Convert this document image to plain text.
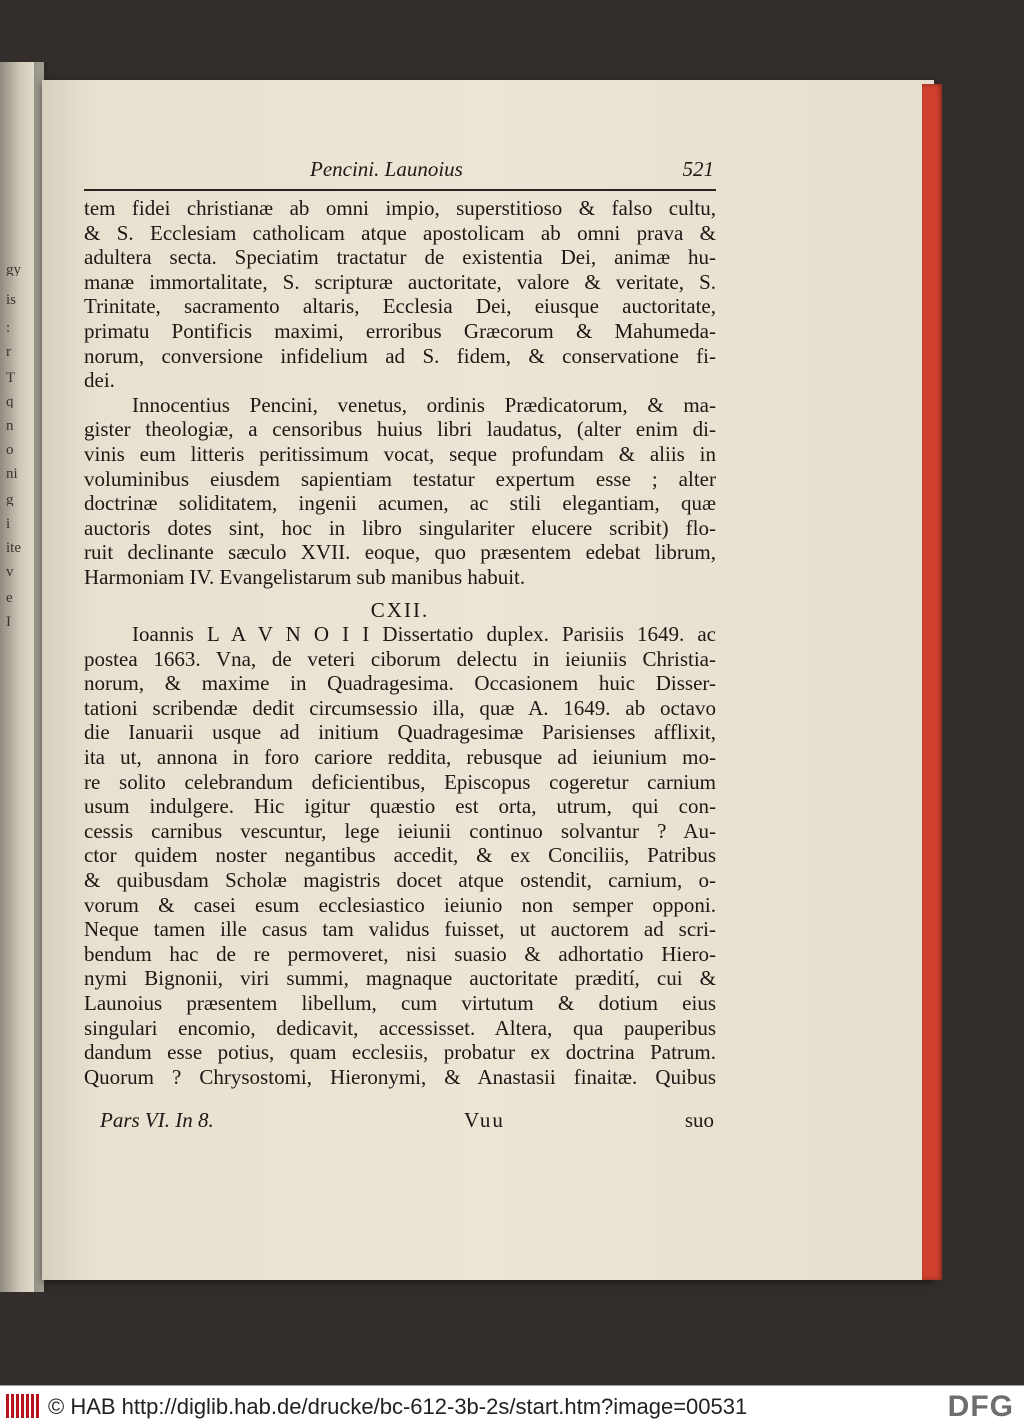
gy
is
:
r
T
q
n
o
ni
g
i
ite
v
e
I
Pencini. Launoius	521
tem fidei christianæ ab omni impio, superstitioso & falso cultu,
& S. Ecclesiam catholicam atque apostolicam ab omni prava &
adultera secta. Speciatim tractatur de existentia Dei, animæ hu-
manæ immortalitate, S. scripturæ auctoritate, valore & veritate, S.
Trinitate, sacramento altaris, Ecclesia Dei, eiusque auctoritate,
primatu Pontificis maximi, erroribus Græcorum & Mahumeda-
norum, conversione infidelium ad S. fidem, & conservatione fi-
dei.
Innocentius Pencini, venetus, ordinis Prædicatorum, & ma-
gister theologiæ, a censoribus huius libri laudatus, (alter enim di-
vinis eum litteris peritissimum vocat, seque profundam & aliis in
voluminibus eiusdem sapientiam testatur expertum esse ; alter
doctrinæ soliditatem, ingenii acumen, ac stili elegantiam, quæ
auctoris dotes sint, hoc in libro singulariter elucere scribit) flo-
ruit declinante sæculo XVII. eoque, quo præsentem edebat librum,
Harmoniam IV. Evangelistarum sub manibus habuit.
CXII.
Ioannis L A V N O I I Dissertatio duplex. Parisiis 1649. ac
postea 1663. Vna, de veteri ciborum delectu in ieiuniis Christia-
norum, & maxime in Quadragesima. Occasionem huic Disser-
tationi scribendæ dedit circumsessio illa, quæ A. 1649. ab octavo
die Ianuarii usque ad initium Quadragesimæ Parisienses afflixit,
ita ut, annona in foro cariore reddita, rebusque ad ieiunium mo-
re solito celebrandum deficientibus, Episcopus cogeretur carnium
usum indulgere. Hic igitur quæstio est orta, utrum, qui con-
cessis carnibus vescuntur, lege ieiunii continuo solvantur ? Au-
ctor quidem noster negantibus accedit, & ex Conciliis, Patribus
& quibusdam Scholæ magistris docet atque ostendit, carnium, o-
vorum & casei esum ecclesiastico ieiunio non semper opponi.
Neque tamen ille casus tam validus fuisset, ut auctorem ad scri-
bendum hac de re permoveret, nisi suasio & adhortatio Hiero-
nymi Bignonii, viri summi, magnaque auctoritate prædití, cui &
Launoius præsentem libellum, cum virtutum & dotium eius
singulari encomio, dedicavit, accessisset. Altera, qua pauperibus
dandum esse potius, quam ecclesiis, probatur ex doctrina Patrum.
Quorum ? Chrysostomi, Hieronymi, & Anastasii finaitæ. Quibus
Pars VI. In 8.	Vuu	suo
© HAB http://diglib.hab.de/drucke/bc-612-3b-2s/start.htm?image=00531	DFG
